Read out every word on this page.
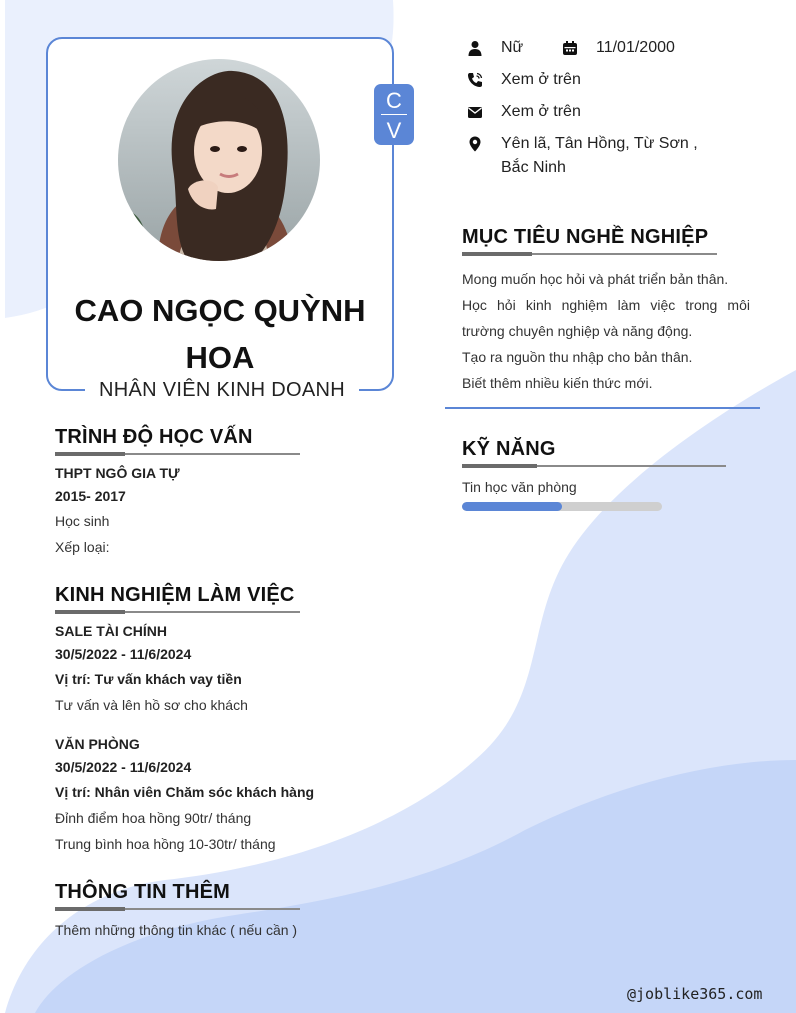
CAO NGỌC QUỲNH HOA
NHÂN VIÊN KINH DOANH
C
V
Nữ	11/01/2000
Xem ở trên
Xem ở trên
Yên lã, Tân Hồng, Từ Sơn , Bắc Ninh
MỤC TIÊU NGHỀ NGHIỆP
Mong muốn học hỏi và phát triển bản thân.
Học hỏi kinh nghiệm làm việc trong môi trường chuyên nghiệp và năng động.
Tạo ra nguồn thu nhập cho bản thân.
Biết thêm nhiều kiến thức mới.
KỸ NĂNG
Tin học văn phòng
TRÌNH ĐỘ HỌC VẤN
THPT NGÔ GIA TỰ
2015- 2017
Học sinh
Xếp loại:
KINH NGHIỆM LÀM VIỆC
SALE TÀI CHÍNH
30/5/2022 - 11/6/2024
Vị trí: Tư vấn khách vay tiền
Tư vấn và lên hồ sơ cho khách
VĂN PHÒNG
30/5/2022 - 11/6/2024
Vị trí: Nhân viên Chăm sóc khách hàng
Đỉnh điểm hoa hồng 90tr/ tháng
Trung bình hoa hồng 10-30tr/ tháng
THÔNG TIN THÊM
Thêm những thông tin khác ( nếu cần )
@joblike365.com
